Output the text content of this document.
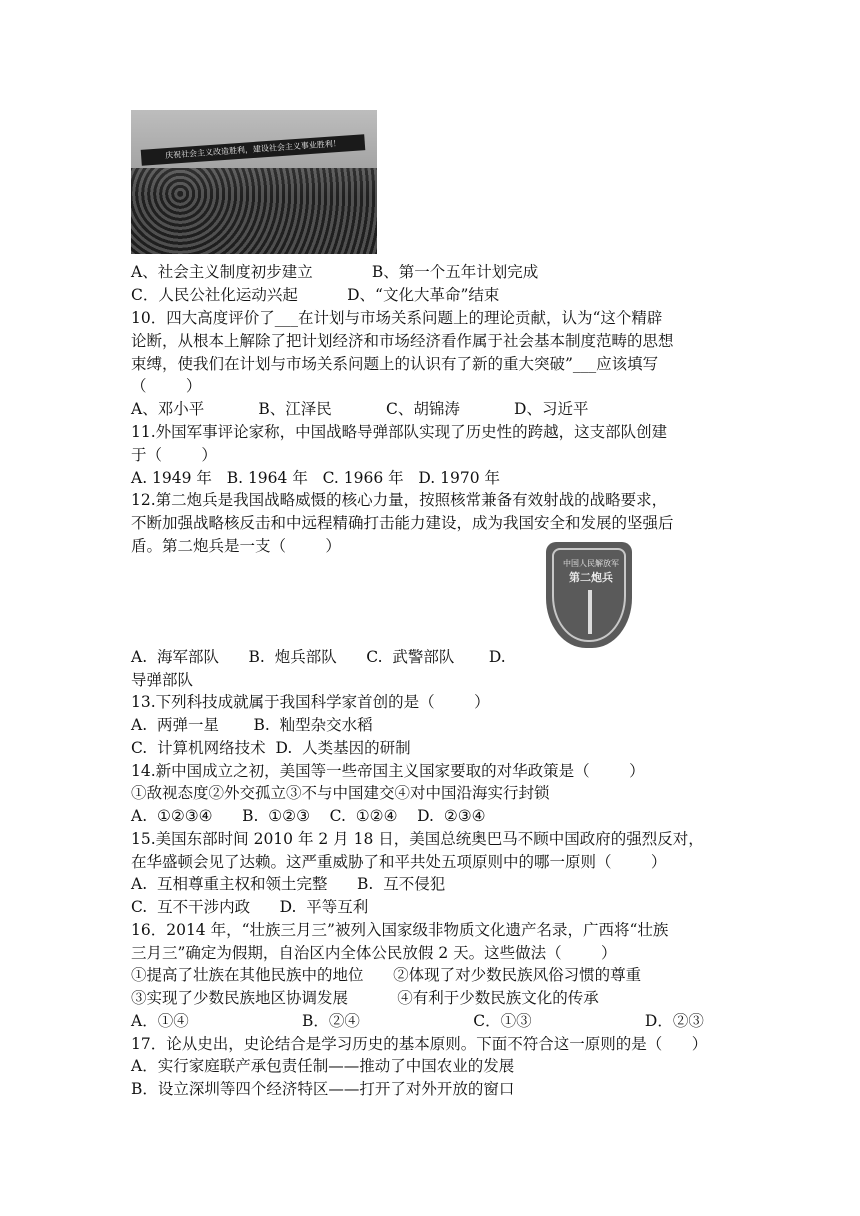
庆祝社会主义改造胜利，建设社会主义事业胜利！
A、社会主义制度初步建立            B、第一个五年计划完成
C．人民公社化运动兴起          D、“文化大革命”结束
10．四大高度评价了___在计划与市场关系问题上的理论贡献，认为“这个精辟
论断，从根本上解除了把计划经济和市场经济看作属于社会基本制度范畴的思想
束缚，使我们在计划与市场关系问题上的认识有了新的重大突破”___应该填写
（        ）
A、邓小平           B、江泽民           C、胡锦涛           D、习近平
11.外国军事评论家称，中国战略导弹部队实现了历史性的跨越，这支部队创建
于（        ）
A. 1949 年   B. 1964 年   C. 1966 年   D. 1970 年
12.第二炮兵是我国战略威慑的核心力量，按照核常兼备有效射战的战略要求，
不断加强战略核反击和中远程精确打击能力建设，成为我国安全和发展的坚强后
盾。第二炮兵是一支（        ）
中国人民解放军
第二炮兵
A.  海军部队      B.  炮兵部队      C.  武警部队       D.
导弹部队
13.下列科技成就属于我国科学家首创的是（        ）
A.  两弹一星       B.  籼型杂交水稻
C.  计算机网络技术  D.  人类基因的研制
14.新中国成立之初，美国等一些帝国主义国家要取的对华政策是（        ）
①敌视态度②外交孤立③不与中国建交④对中国沿海实行封锁
A.  ①②③④      B.  ①②③    C.  ①②④    D.  ②③④
15.美国东部时间 2010 年 2 月 18 日，美国总统奥巴马不顾中国政府的强烈反对，
在华盛顿会见了达赖。这严重威胁了和平共处五项原则中的哪一原则（        ）
A.  互相尊重主权和领土完整      B.  互不侵犯
C.  互不干涉内政      D.  平等互利
16．2014 年，“壮族三月三”被列入国家级非物质文化遗产名录，广西将“壮族
三月三”确定为假期，自治区内全体公民放假 2 天。这些做法（        ）
①提高了壮族在其他民族中的地位      ②体现了对少数民族风俗习惯的尊重
③实现了少数民族地区协调发展          ④有利于少数民族文化的传承
A．①④                       B．②④                       C．①③                       D．②③
17．论从史出，史论结合是学习历史的基本原则。下面不符合这一原则的是（      ）
A．实行家庭联产承包责任制——推动了中国农业的发展
B．设立深圳等四个经济特区——打开了对外开放的窗口
